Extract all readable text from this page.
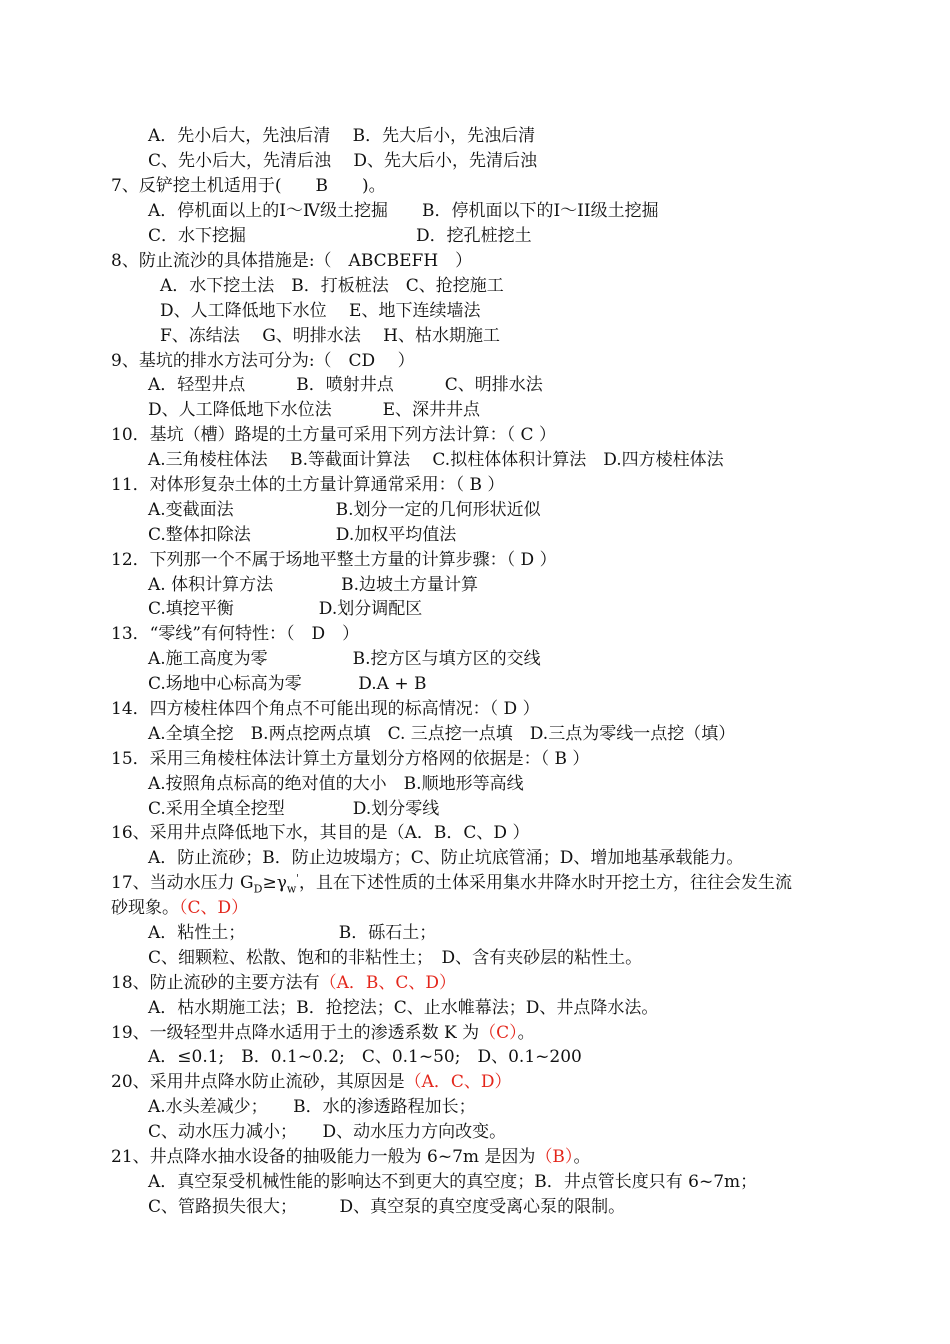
A．先小后大，先浊后清　 B．先大后小，先浊后清
C、先小后大，先清后浊　 D、先大后小，先清后浊
7、反铲挖土机适用于(　　B　　)。
A．停机面以上的Ⅰ～Ⅳ级土挖掘　　B．停机面以下的Ⅰ～ⅠⅠ级土挖掘
C．水下挖掘　　　　　　　　　　D．挖孔桩挖土
8、防止流沙的具体措施是:（　ABCBEFH　）
A．水下挖土法　B．打板桩法　C、抢挖施工
D、人工降低地下水位　 E、地下连续墙法
F、冻结法　 G、明排水法　 H、枯水期施工
9、基坑的排水方法可分为:（　CD　 ）
A．轻型井点　　　B．喷射井点　　　C、明排水法
D、人工降低地下水位法　　　E、深井井点
10．基坑（槽）路堤的土方量可采用下列方法计算：（ C ）
A.三角棱柱体法　 B.等截面计算法　 C.拟柱体体积计算法　D.四方棱柱体法
11．对体形复杂土体的土方量计算通常采用：（ B ）
A.变截面法　　　　　　B.划分一定的几何形状近似
C.整体扣除法　　　　　D.加权平均值法
12．下列那一个不属于场地平整土方量的计算步骤：（ D ）
A. 体积计算方法　　　　B.边坡土方量计算
C.填挖平衡　　　　　D.划分调配区
13．“零线”有何特性：（　D　）
A.施工高度为零　　　　　B.挖方区与填方区的交线
C.场地中心标高为零　　　 D.A + B
14．四方棱柱体四个角点不可能出现的标高情况：（ D ）
A.全填全挖　B.两点挖两点填　C. 三点挖一点填　D.三点为零线一点挖（填）
15．采用三角棱柱体法计算土方量划分方格网的依据是：（ B ）
A.按照角点标高的绝对值的大小　B.顺地形等高线
C.采用全填全挖型　　　　D.划分零线
16、采用井点降低地下水，其目的是（A．B．C、D ）
A．防止流砂；B．防止边坡塌方；C、防止坑底管涌；D、增加地基承载能力。
17、当动水压力 $G_D\ge\gamma_w'$，且在下述性质的土体采用集水井降水时开挖土方，往往会发生流
砂现象。（C、D）
A．粘性土；　　　　　　B．砾石土；
C、细颗粒、松散、饱和的非粘性土；　D、含有夹砂层的粘性土。
18、防止流砂的主要方法有（A．B、C、D）
A．枯水期施工法；B．抢挖法；C、止水帷幕法；D、井点降水法。
19、一级轻型井点降水适用于土的渗透系数 K 为（C）。
A．≤0.1;　B．0.1~0.2;　C、0.1~50;　D、0.1~200
20、采用井点降水防止流砂，其原因是（A．C、D）
A.水头差减少；　　B．水的渗透路程加长；
C、动水压力减小；　　D、动水压力方向改变。
21、井点降水抽水设备的抽吸能力一般为 6~7m 是因为（B）。
A．真空泵受机械性能的影响达不到更大的真空度；B．井点管长度只有 6~7m；
C、管路损失很大；　　　D、真空泵的真空度受离心泵的限制。
